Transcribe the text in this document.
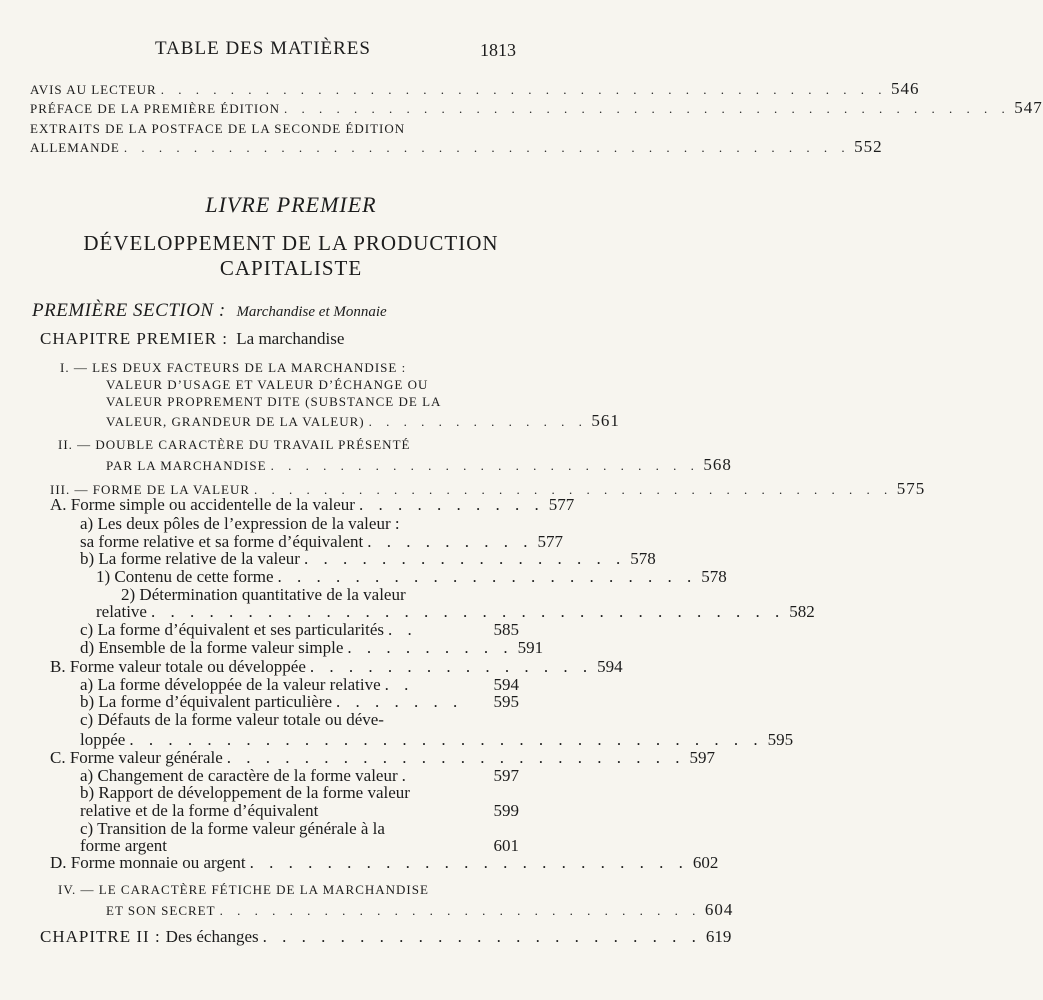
TABLE DES MATIÈRES	1813
AVIS AU LECTEUR . . . . . . . . . . . . . . . . . . . . . . . . . . . . . . . . . . . . . . . . . . 546
PRÉFACE DE LA PREMIÈRE ÉDITION . . . . . . . . . . . . . . . . . . . . . . . . . . . . . . . . . . . . . . . . . . 547
EXTRAITS DE LA POSTFACE DE LA SECONDE ÉDITION
ALLEMANDE . . . . . . . . . . . . . . . . . . . . . . . . . . . . . . . . . . . . . . . . . . 552
LIVRE PREMIER
DÉVELOPPEMENT DE LA PRODUCTION
CAPITALISTE
PREMIÈRE SECTION : Marchandise et Monnaie
CHAPITRE PREMIER : La marchandise
I. — LES DEUX FACTEURS DE LA MARCHANDISE :
VALEUR D’USAGE ET VALEUR D’ÉCHANGE OU
VALEUR PROPREMENT DITE (SUBSTANCE DE LA
VALEUR, GRANDEUR DE LA VALEUR) . . . . . . . . . . . . . 561
II. — DOUBLE CARACTÈRE DU TRAVAIL PRÉSENTÉ
PAR LA MARCHANDISE . . . . . . . . . . . . . . . . . . . . . . . . . 568
III. — FORME DE LA VALEUR . . . . . . . . . . . . . . . . . . . . . . . . . . . . . . . . . . . . . 575
A. Forme simple ou accidentelle de la valeur . . . . . . . . . . 577
a) Les deux pôles de l’expression de la valeur :
sa forme relative et sa forme d’équivalent . . . . . . . . . 577
b) La forme relative de la valeur . . . . . . . . . . . . . . . . . 578
1) Contenu de cette forme . . . . . . . . . . . . . . . . . . . . . . 578
2) Détermination quantitative de la valeur
relative . . . . . . . . . . . . . . . . . . . . . . . . . . . . . . . . . 582
c) La forme d’équivalent et ses particularités . .	585
d) Ensemble de la forme valeur simple . . . . . . . . . 591
B. Forme valeur totale ou développée . . . . . . . . . . . . . . . 594
a) La forme développée de la valeur relative . .	594
b) La forme d’équivalent particulière . . . . . . .	595
c) Défauts de la forme valeur totale ou déve-
loppée . . . . . . . . . . . . . . . . . . . . . . . . . . . . . . . . . 595
C. Forme valeur générale . . . . . . . . . . . . . . . . . . . . . . . . 597
a) Changement de caractère de la forme valeur .	597
b) Rapport de développement de la forme valeur
relative et de la forme d’équivalent	599
c) Transition de la forme valeur générale à la
forme argent	601
D. Forme monnaie ou argent . . . . . . . . . . . . . . . . . . . . . . . 602
IV. — LE CARACTÈRE FÉTICHE DE LA MARCHANDISE
ET SON SECRET . . . . . . . . . . . . . . . . . . . . . . . . . . . . 604
CHAPITRE II : Des échanges . . . . . . . . . . . . . . . . . . . . . . . 619
